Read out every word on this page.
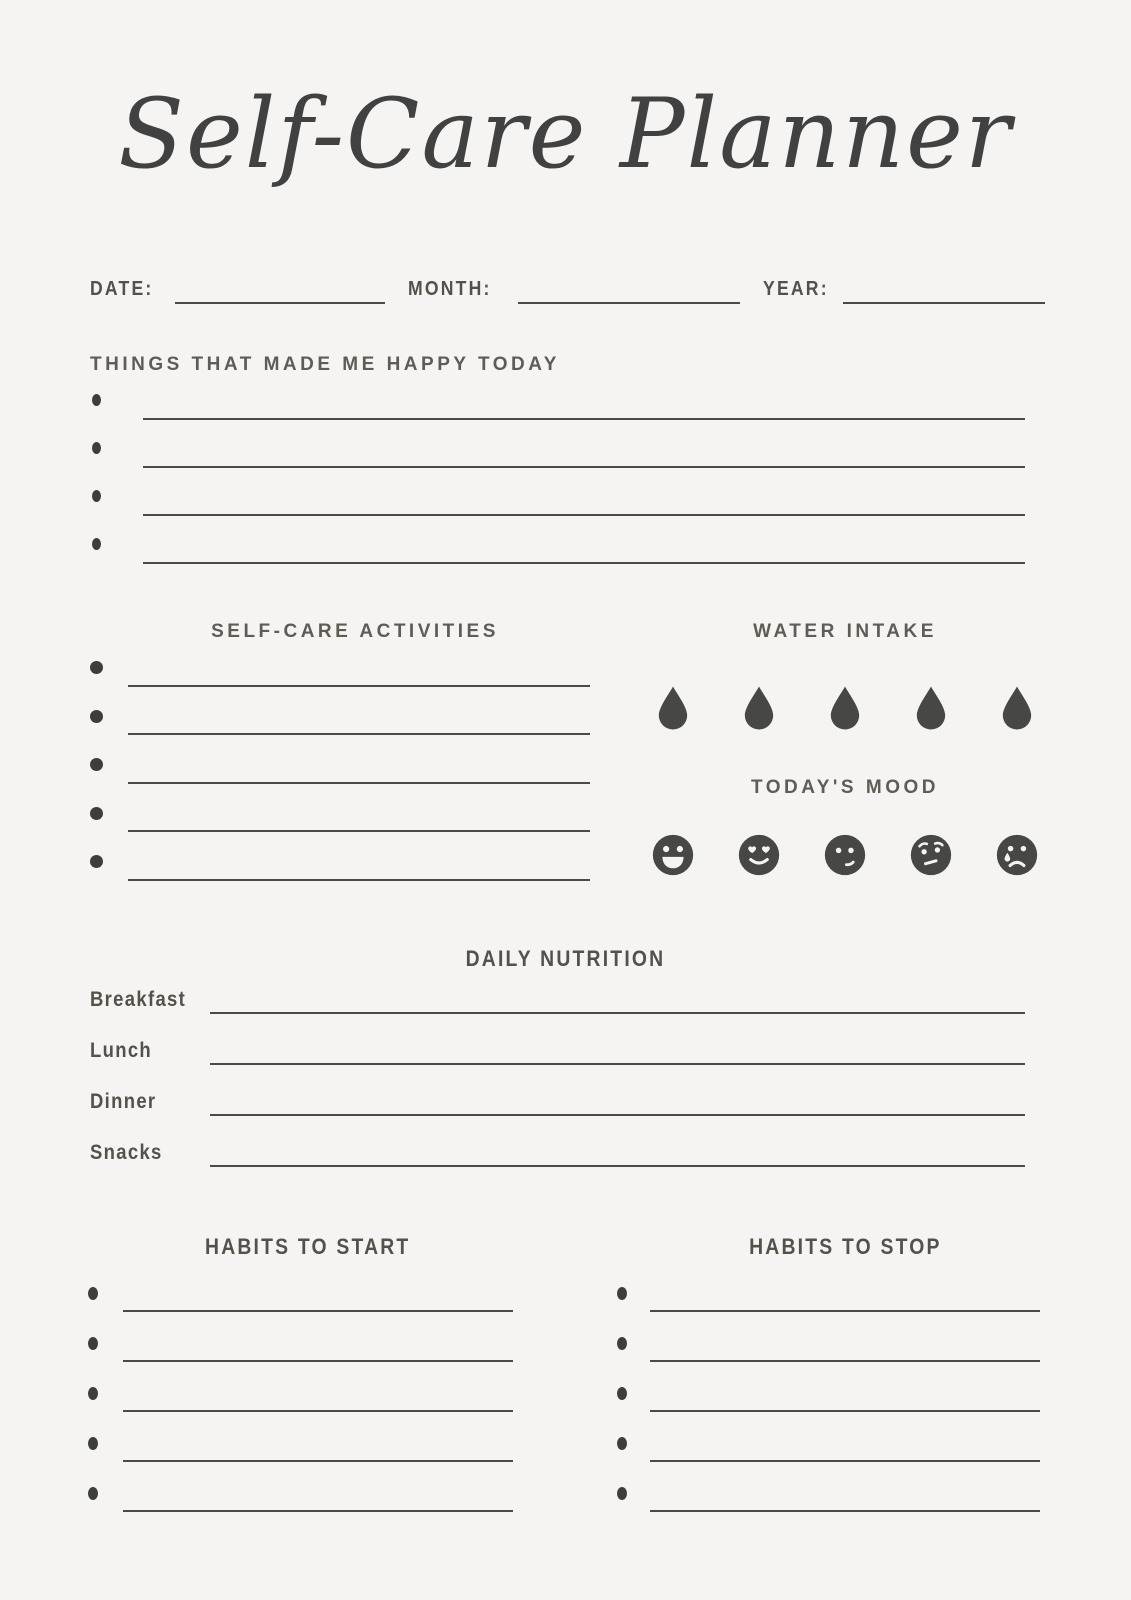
Self-Care Planner
DATE:	MONTH:	YEAR:
THINGS THAT MADE ME HAPPY TODAY
SELF-CARE ACTIVITIES	WATER INTAKE
TODAY'S MOOD
DAILY NUTRITION
Breakfast
Lunch
Dinner
Snacks
HABITS TO START	HABITS TO STOP
